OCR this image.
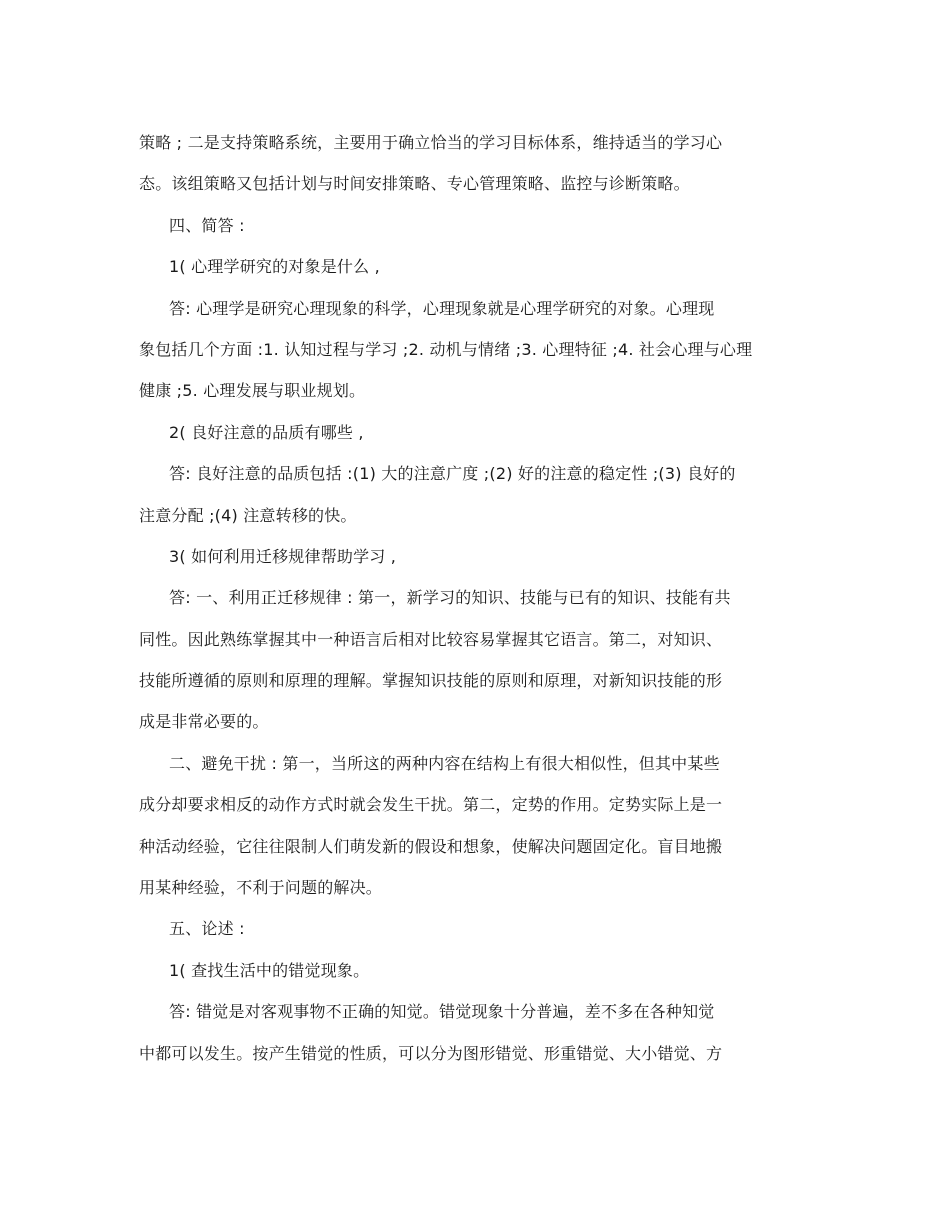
策略 ; 二是支持策略系统，主要用于确立恰当的学习目标体系，维持适当的学习心
态。该组策略又包括计划与时间安排策略、专心管理策略、监控与诊断策略。
四、简答 :
1( 心理学研究的对象是什么 ,
答: 心理学是研究心理现象的科学，心理现象就是心理学研究的对象。心理现
象包括几个方面 :1. 认知过程与学习 ;2. 动机与情绪 ;3. 心理特征 ;4. 社会心理与心理
健康 ;5. 心理发展与职业规划。
2( 良好注意的品质有哪些 ,
答: 良好注意的品质包括 :(1) 大的注意广度 ;(2) 好的注意的稳定性 ;(3) 良好的
注意分配 ;(4) 注意转移的快。
3( 如何利用迁移规律帮助学习 ,
答: 一、利用正迁移规律 : 第一，新学习的知识、技能与已有的知识、技能有共
同性。因此熟练掌握其中一种语言后相对比较容易掌握其它语言。第二，对知识、
技能所遵循的原则和原理的理解。掌握知识技能的原则和原理，对新知识技能的形
成是非常必要的。
二、避免干扰 : 第一，当所这的两种内容在结构上有很大相似性，但其中某些
成分却要求相反的动作方式时就会发生干扰。第二，定势的作用。定势实际上是一
种活动经验，它往往限制人们萌发新的假设和想象，使解决问题固定化。盲目地搬
用某种经验，不利于问题的解决。
五、论述 :
1( 查找生活中的错觉现象。
答: 错觉是对客观事物不正确的知觉。错觉现象十分普遍，差不多在各种知觉
中都可以发生。按产生错觉的性质，可以分为图形错觉、形重错觉、大小错觉、方
